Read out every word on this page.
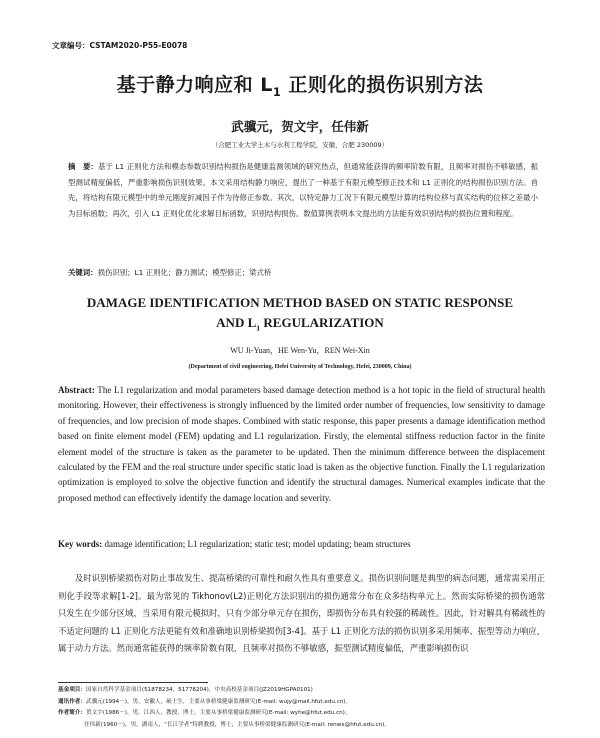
文章编号：CSTAM2020-P55-E0078
基于静力响应和 $L_1$ 正则化的损伤识别方法
武骥元，贺文宇，任伟新
（合肥工业大学土木与水利工程学院，安徽，合肥 230009）
摘　要：基于 L1 正则化方法和模态参数识别结构损伤是健康监测领域的研究热点，但通常能获得的频率阶数有限，且频率对损伤不够敏感，振型测试精度偏低，严重影响损伤识别效果。本文采用结构静力响应，提出了一种基于有限元模型修正技术和 L1 正则化的结构损伤识别方法。首先，将结构有限元模型中的单元刚度折减因子作为待修正参数。其次，以特定静力工况下有限元模型计算的结构位移与真实结构的位移之差最小为目标函数；再次，引入 L1 正则化优化求解目标函数，识别结构损伤。数值算例表明本文提出的方法能有效识别结构的损伤位置和程度。
关键词：损伤识别；L1 正则化；静力测试；模型修正；梁式桥
DAMAGE IDENTIFICATION METHOD BASED ON STATIC RESPONSE
AND $L_1$ REGULARIZATION
WU Ji-Yuan，HE Wen-Yu，REN Wei-Xin
(Department of civil engineering, Hefei University of Technology, Hefei, 230009, China)
Abstract: The L1 regularization and modal parameters based damage detection method is a hot topic in the field of structural health monitoring. However, their effectiveness is strongly influenced by the limited order number of frequencies, low sensitivity to damage of frequencies, and low precision of mode shapes. Combined with static response, this paper presents a damage identification method based on finite element model (FEM) updating and L1 regularization. Firstly, the elemental stiffness reduction factor in the finite element model of the structure is taken as the parameter to be updated. Then the minimum difference between the displacement calculated by the FEM and the real structure under specific static load is taken as the objective function. Finally the L1 regularization optimization is employed to solve the objective function and identify the structural damages. Numerical examples indicate that the proposed method can effectively identify the damage location and severity.
Key words: damage identification; L1 regularization; static test; model updating; beam structures
及时识别桥梁损伤对防止事故发生、提高桥梁的可靠性和耐久性具有重要意义。损伤识别问题是典型的病态问题，通常需采用正则化手段等求解[1-2]。最为常见的 Tikhonov(L2)正则化方法识别出的损伤通常分布在众多结构单元上。然而实际桥梁的损伤通常只发生在少部分区域，当采用有限元模拟时，只有少部分单元存在损伤，即损伤分布具有较强的稀疏性。因此，针对解具有稀疏性的不适定问题的 L1 正则化方法更能有效和准确地识别桥梁损伤[3-4]。基于 L1 正则化方法的损伤识别多采用频率、振型等动力响应，属于动力方法。然而通常能获得的频率阶数有限，且频率对损伤不够敏感，振型测试精度偏低，严重影响损伤识
基金项目：国家自然科学基金项目(51878234，51778204)，中央高校基金项目(JZ2019HGPA0101)
通讯作者：武骥元(1994－)，男，安徽人，硕士生，主要从事桥梁健康监测研究(E-mail: wujy@mail.hfut.edu.cn)。
作者简介：贺文宇(1986－)，男，江西人，教授，博士，主要从事桥梁健康监测研究(E-mail: wyhe@hfut.edu.cn)；
任伟新(1960－)，男，湖南人，“长江学者”特聘教授，博士，主要从事桥梁健康监测研究(E-mail: renwx@hfut.edu.cn)。
